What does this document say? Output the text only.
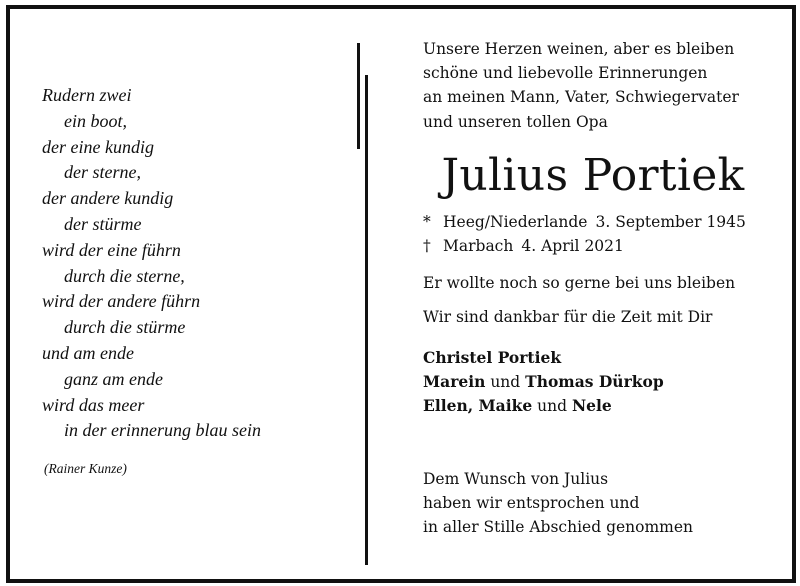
Rudern zwei
ein boot,
der eine kundig
der sterne,
der andere kundig
der stürme
wird der eine führn
durch die sterne,
wird der andere führn
durch die stürme
und am ende
ganz am ende
wird das meer
in der erinnerung blau sein
(Rainer Kunze)
Unsere Herzen weinen, aber es bleiben
schöne und liebevolle Erinnerungen
an meinen Mann, Vater, Schwiegervater
und unseren tollen Opa
Julius Portiek
* Heeg/Niederlande 3. September 1945
† Marbach 4. April 2021
Er wollte noch so gerne bei uns bleiben
Wir sind dankbar für die Zeit mit Dir
Christel Portiek
Marein und Thomas Dürkop
Ellen, Maike und Nele
Dem Wunsch von Julius
haben wir entsprochen und
in aller Stille Abschied genommen
